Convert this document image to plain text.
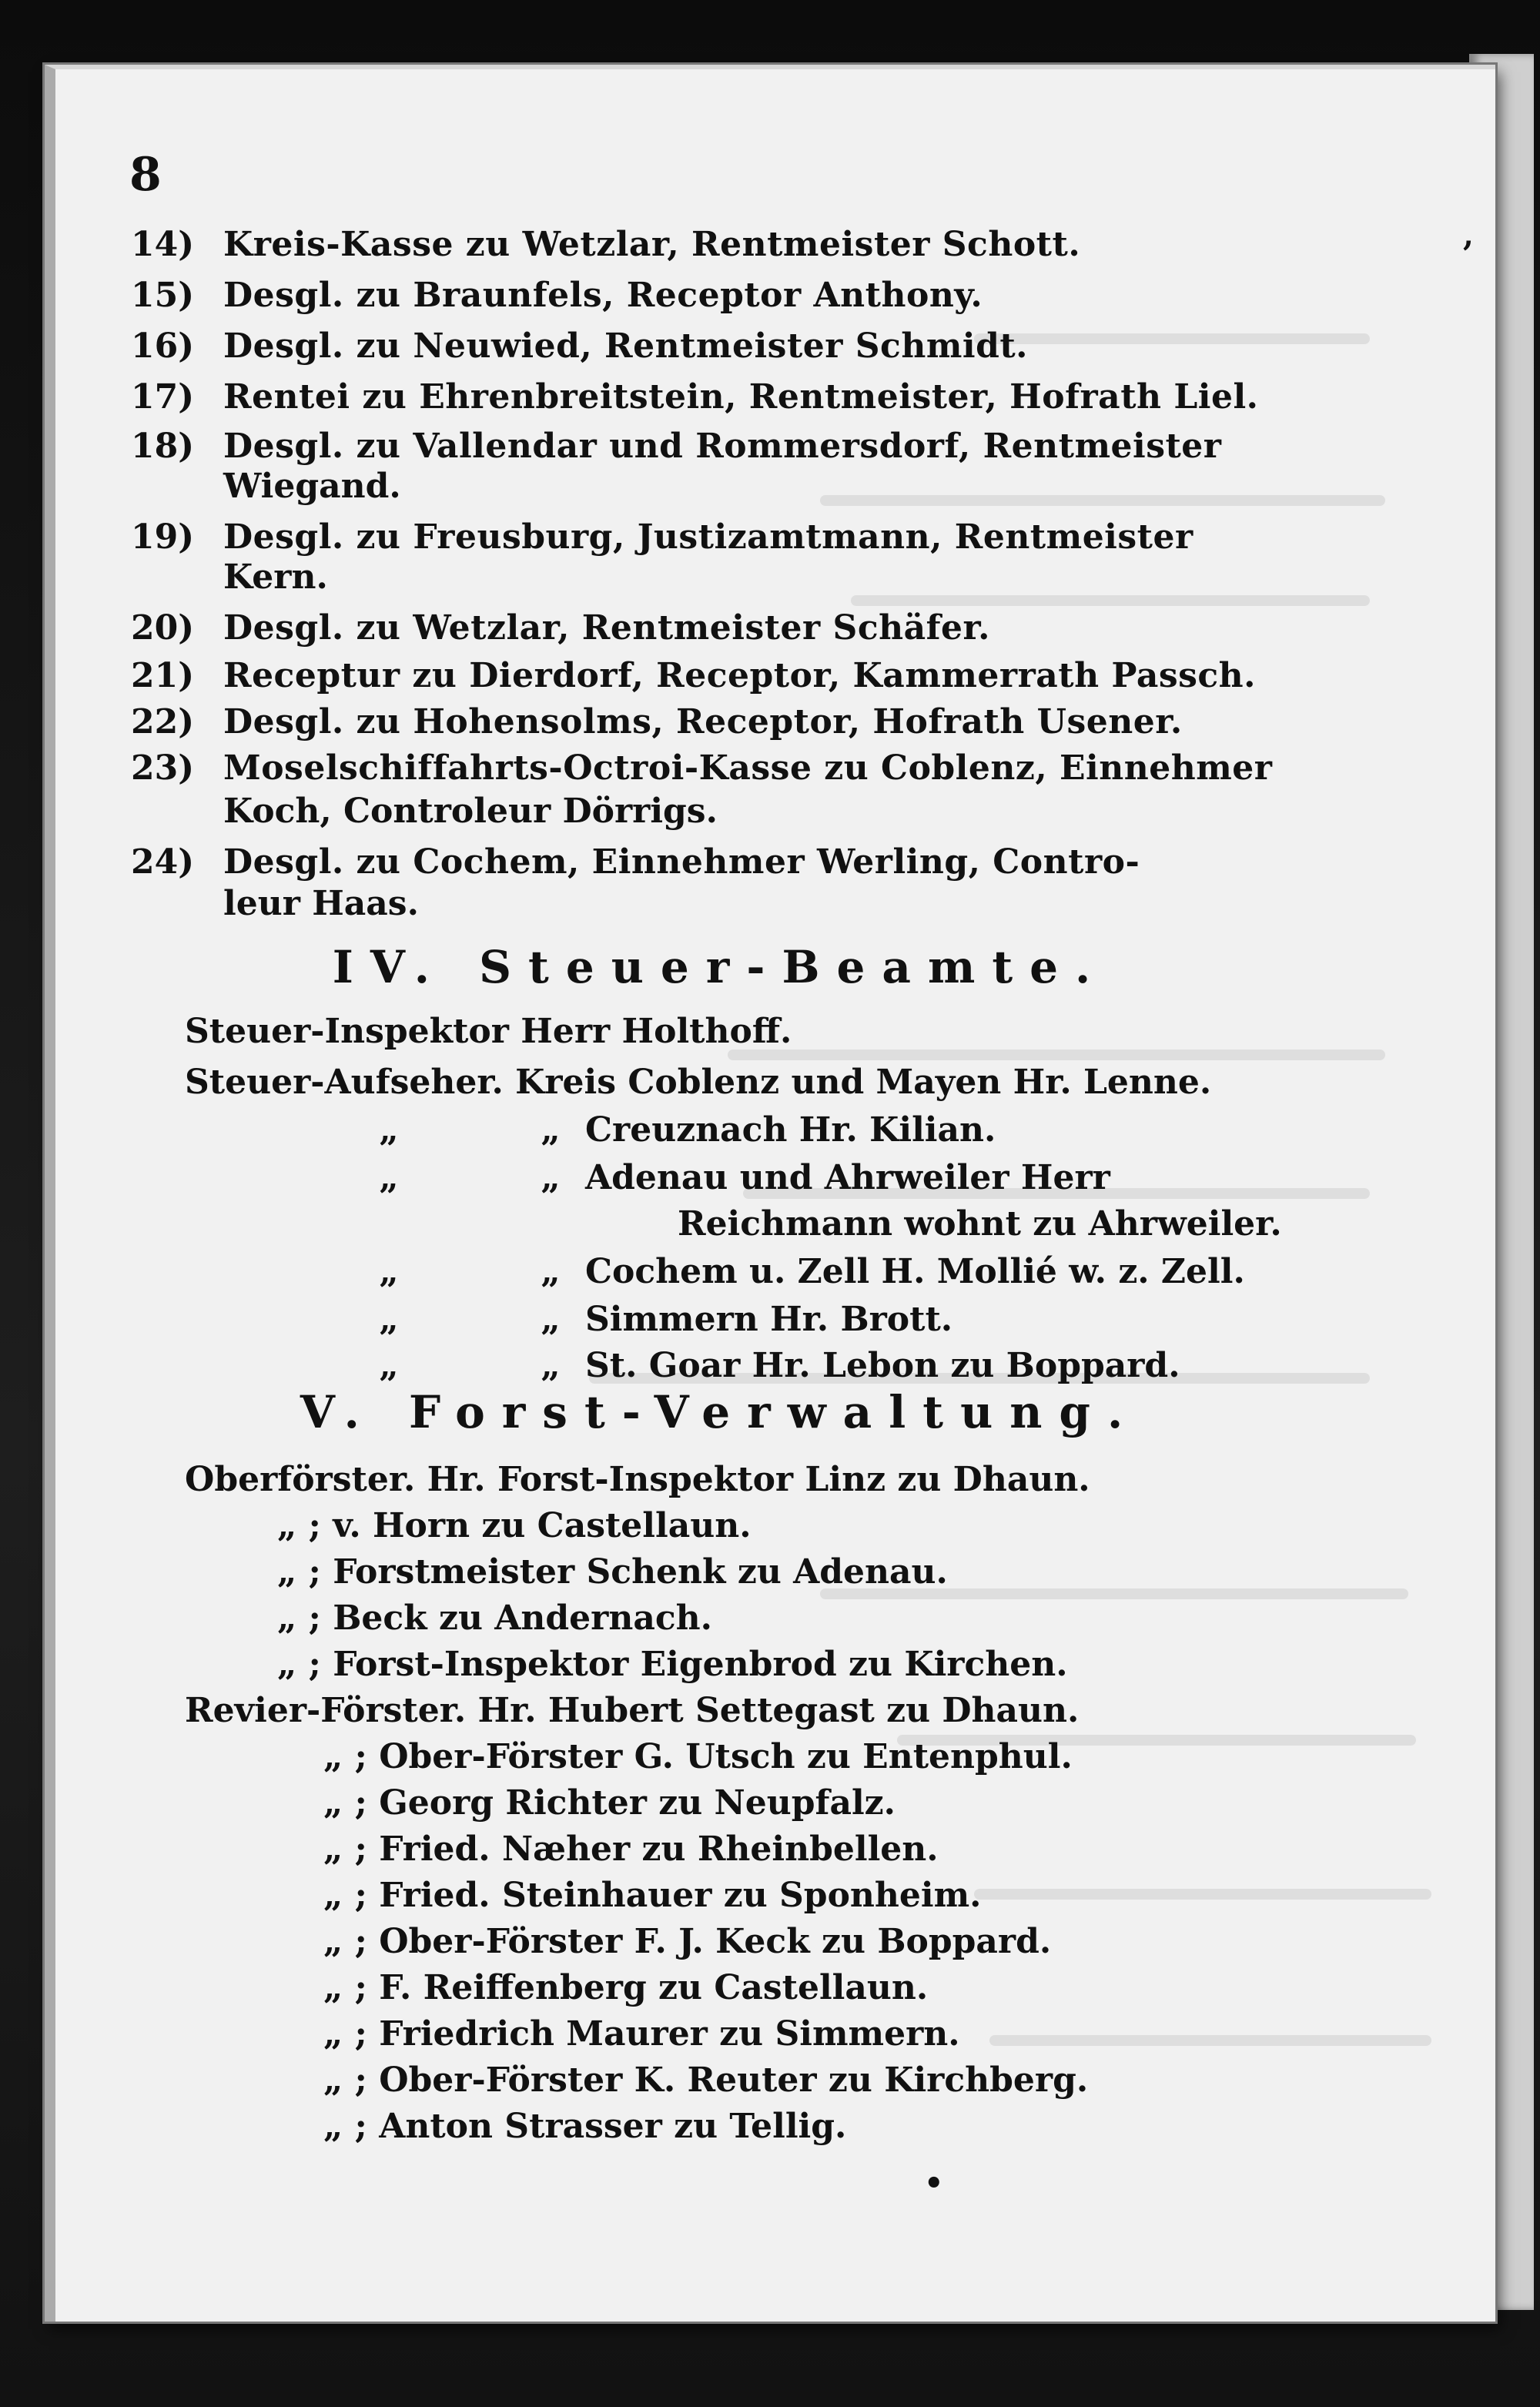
8
,
14) Kreis-Kasse zu Wetzlar, Rentmeister Schott.
15) Desgl. zu Braunfels, Receptor Anthony.
16) Desgl. zu Neuwied, Rentmeister Schmidt.
17) Rentei zu Ehrenbreitstein, Rentmeister, Hofrath Liel.
18) Desgl. zu Vallendar und Rommersdorf, Rentmeister
Wiegand.
19) Desgl. zu Freusburg, Justizamtmann, Rentmeister
Kern.
20) Desgl. zu Wetzlar, Rentmeister Schäfer.
21) Receptur zu Dierdorf, Receptor, Kammerrath Passch.
22) Desgl. zu Hohensolms, Receptor, Hofrath Usener.
23) Moselschiffahrts-Octroi-Kasse zu Coblenz, Einnehmer
Koch, Controleur Dörrigs.
24) Desgl. zu Cochem, Einnehmer Werling, Contro-
leur Haas.
IV. Steuer-Beamte.
Steuer-Inspektor Herr Holthoff.
Steuer-Aufseher. Kreis Coblenz und Mayen Hr. Lenne.
„	„ Creuznach Hr. Kilian.
„	„ Adenau und Ahrweiler Herr
Reichmann wohnt zu Ahrweiler.
„	„ Cochem u. Zell H. Mollié w. z. Zell.
„	„ Simmern Hr. Brott.
„	„ St. Goar Hr. Lebon zu Boppard.
V. Forst-Verwaltung.
Oberförster. Hr. Forst-Inspektor Linz zu Dhaun.
„ ; v. Horn zu Castellaun.
„ ; Forstmeister Schenk zu Adenau.
„ ; Beck zu Andernach.
„ ; Forst-Inspektor Eigenbrod zu Kirchen.
Revier-Förster. Hr. Hubert Settegast zu Dhaun.
„ ; Ober-Förster G. Utsch zu Entenphul.
„ ; Georg Richter zu Neupfalz.
„ ; Fried. Næher zu Rheinbellen.
„ ; Fried. Steinhauer zu Sponheim.
„ ; Ober-Förster F. J. Keck zu Boppard.
„ ; F. Reiffenberg zu Castellaun.
„ ; Friedrich Maurer zu Simmern.
„ ; Ober-Förster K. Reuter zu Kirchberg.
„ ; Anton Strasser zu Tellig.
•
